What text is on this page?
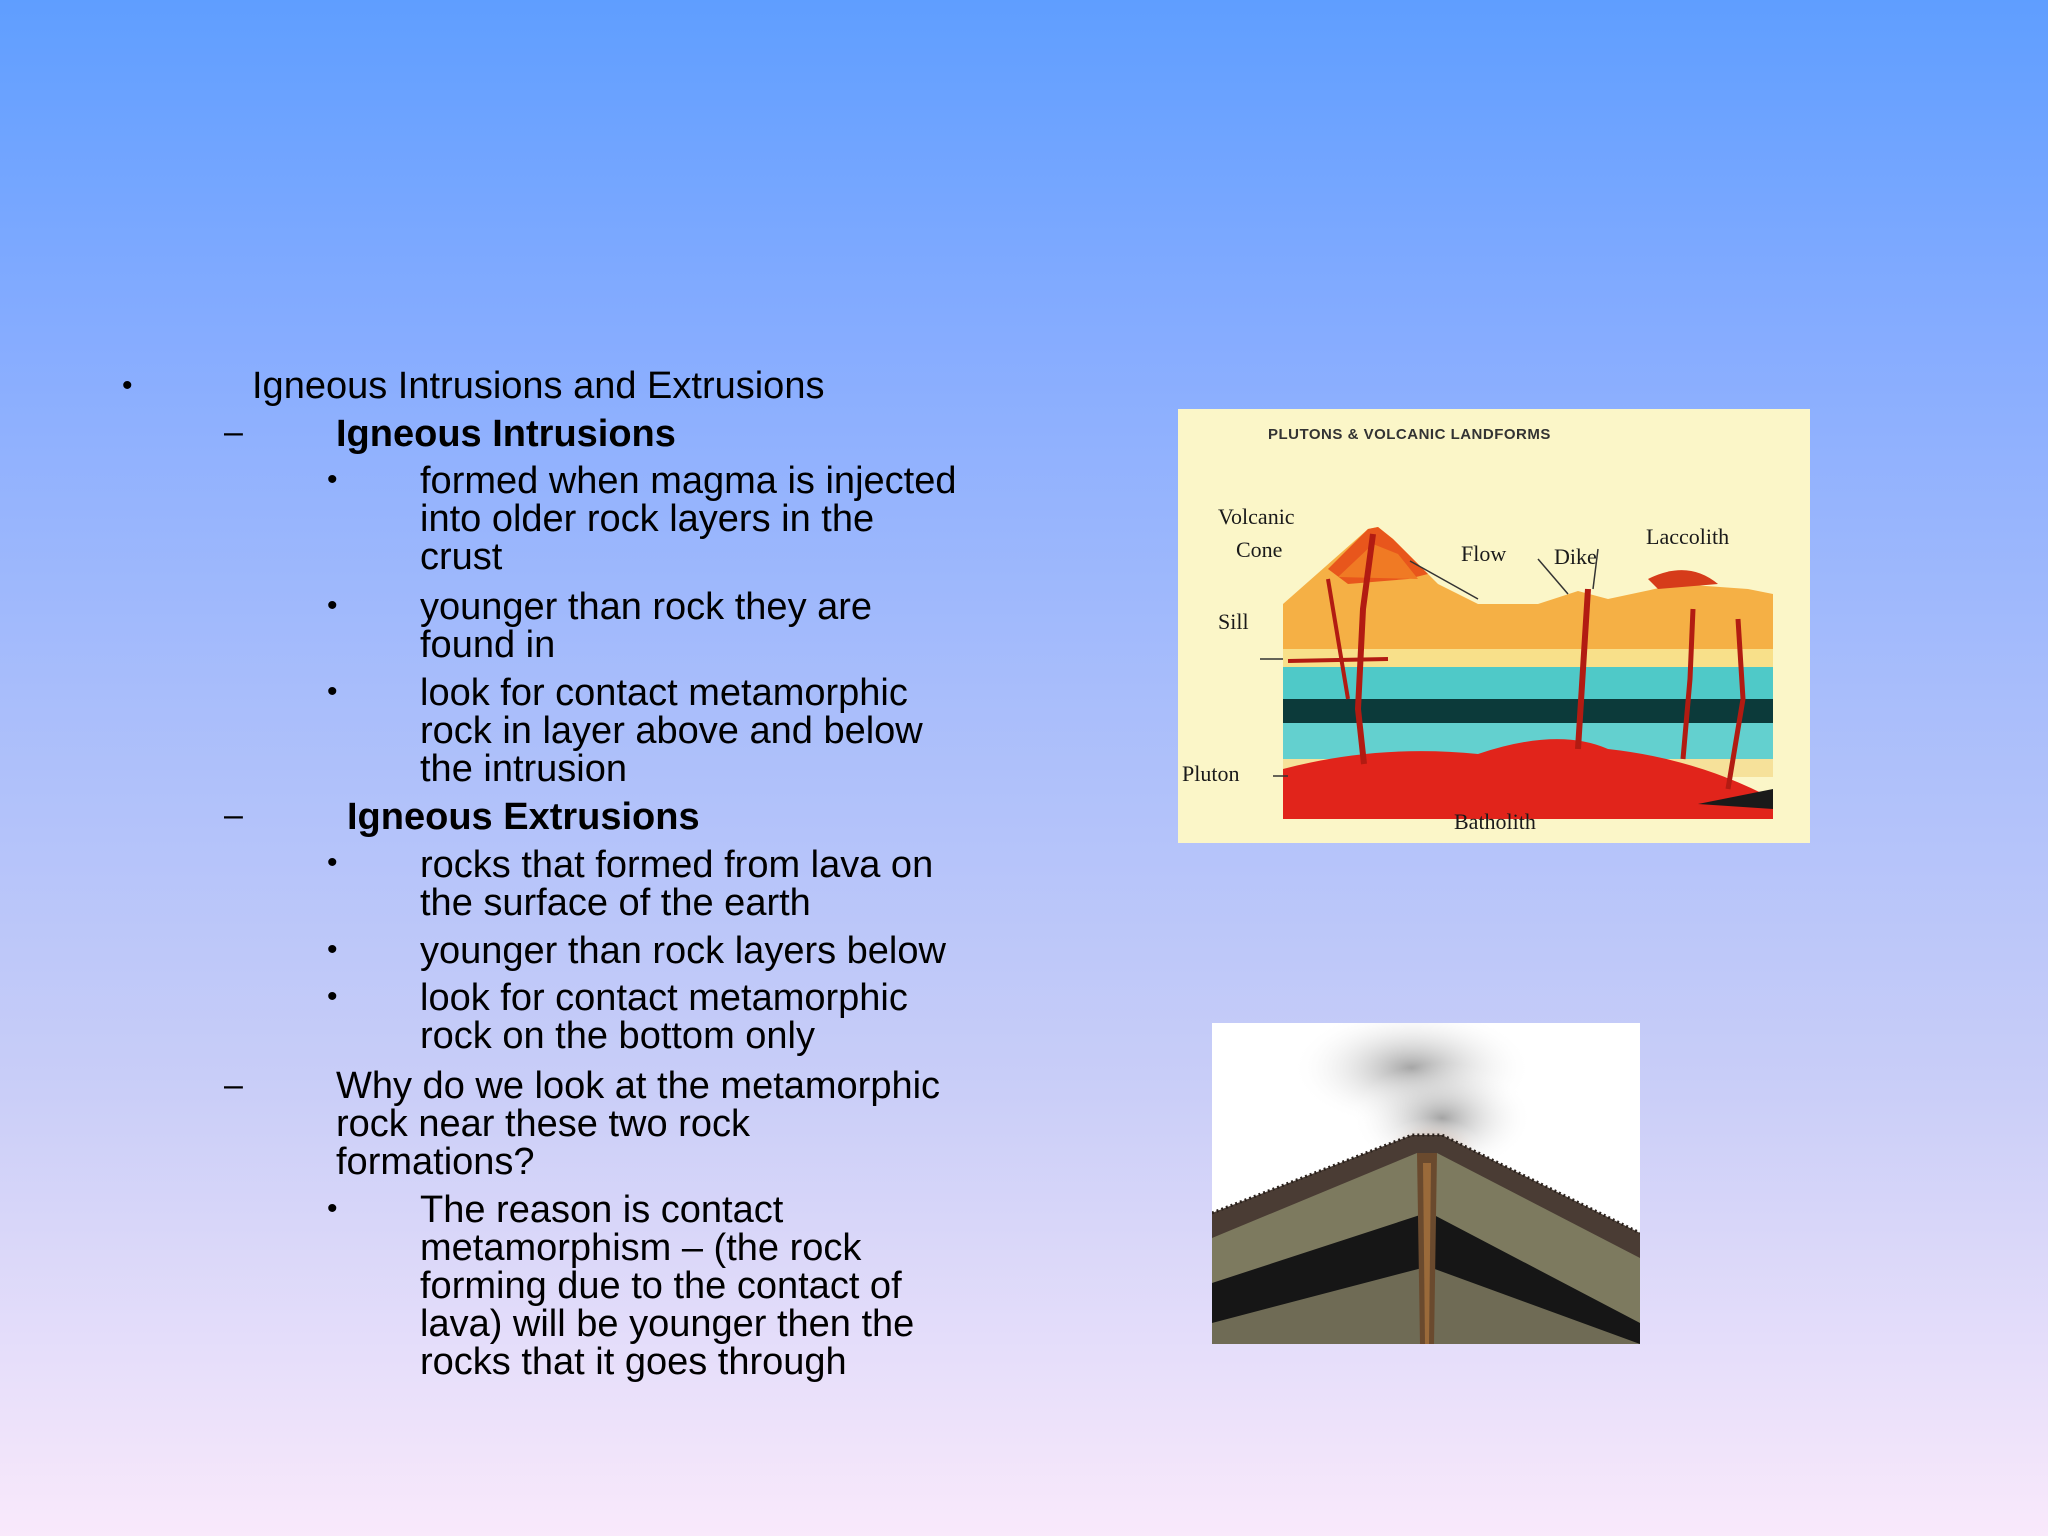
•
–
•
•
•
–
•
•
•
–
•
Igneous Intrusions and Extrusions
Igneous Intrusions
formed when magma is injected
into older rock layers in the
crust
younger than rock they are
found in
look for contact metamorphic
rock in layer above and below
the intrusion
Igneous Extrusions
rocks that formed from lava on
the surface of the earth
younger than rock layers below
look for contact metamorphic
rock on the bottom only
Why do we look at the metamorphic
rock near these two rock
formations?
The reason is contact
metamorphism – (the rock
forming due to the contact of
lava) will be younger then the
rocks that it goes through
PLUTONS & VOLCANIC LANDFORMS
Volcanic
Cone	Flow Dike
Laccolith
Sill
Pluton
Batholith
